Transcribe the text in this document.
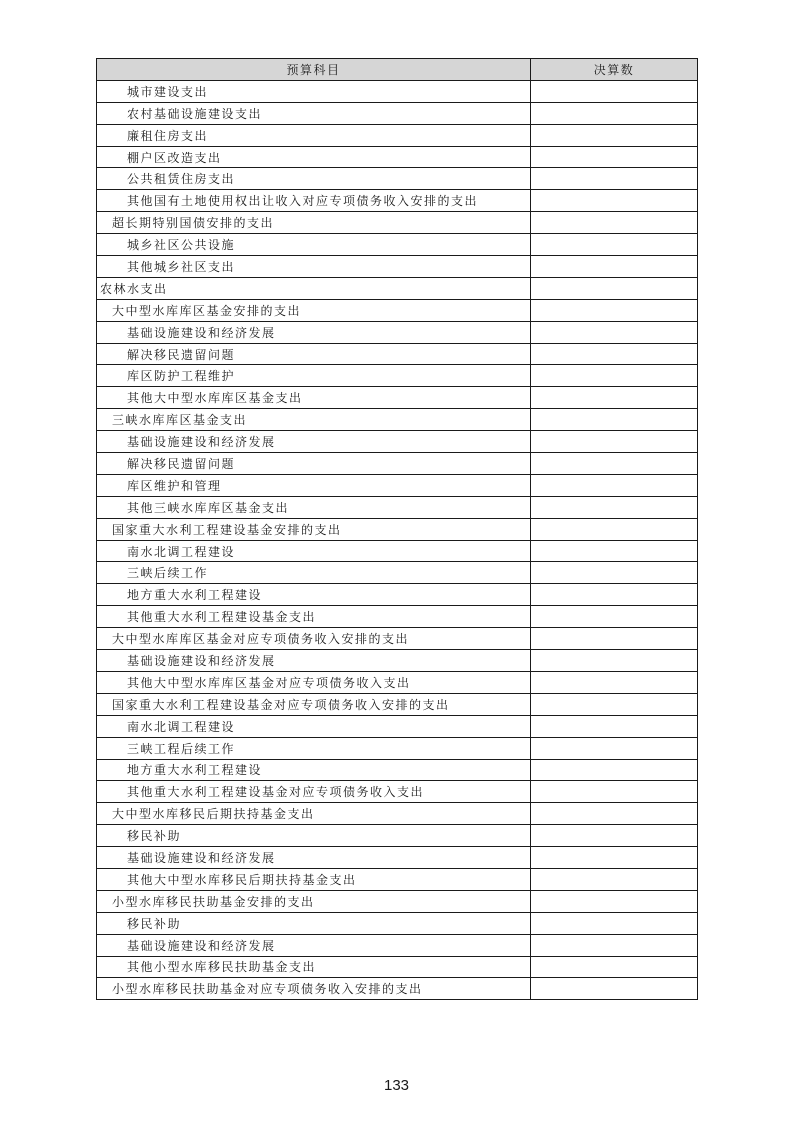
预算科目	决算数
城市建设支出	
农村基础设施建设支出	
廉租住房支出	
棚户区改造支出	
公共租赁住房支出	
其他国有土地使用权出让收入对应专项债务收入安排的支出	
超长期特别国债安排的支出	
城乡社区公共设施	
其他城乡社区支出	
农林水支出	
大中型水库库区基金安排的支出	
基础设施建设和经济发展	
解决移民遗留问题	
库区防护工程维护	
其他大中型水库库区基金支出	
三峡水库库区基金支出	
基础设施建设和经济发展	
解决移民遗留问题	
库区维护和管理	
其他三峡水库库区基金支出	
国家重大水利工程建设基金安排的支出	
南水北调工程建设	
三峡后续工作	
地方重大水利工程建设	
其他重大水利工程建设基金支出	
大中型水库库区基金对应专项债务收入安排的支出	
基础设施建设和经济发展	
其他大中型水库库区基金对应专项债务收入支出	
国家重大水利工程建设基金对应专项债务收入安排的支出	
南水北调工程建设	
三峡工程后续工作	
地方重大水利工程建设	
其他重大水利工程建设基金对应专项债务收入支出	
大中型水库移民后期扶持基金支出	
移民补助	
基础设施建设和经济发展	
其他大中型水库移民后期扶持基金支出	
小型水库移民扶助基金安排的支出	
移民补助	
基础设施建设和经济发展	
其他小型水库移民扶助基金支出	
小型水库移民扶助基金对应专项债务收入安排的支出	
133
